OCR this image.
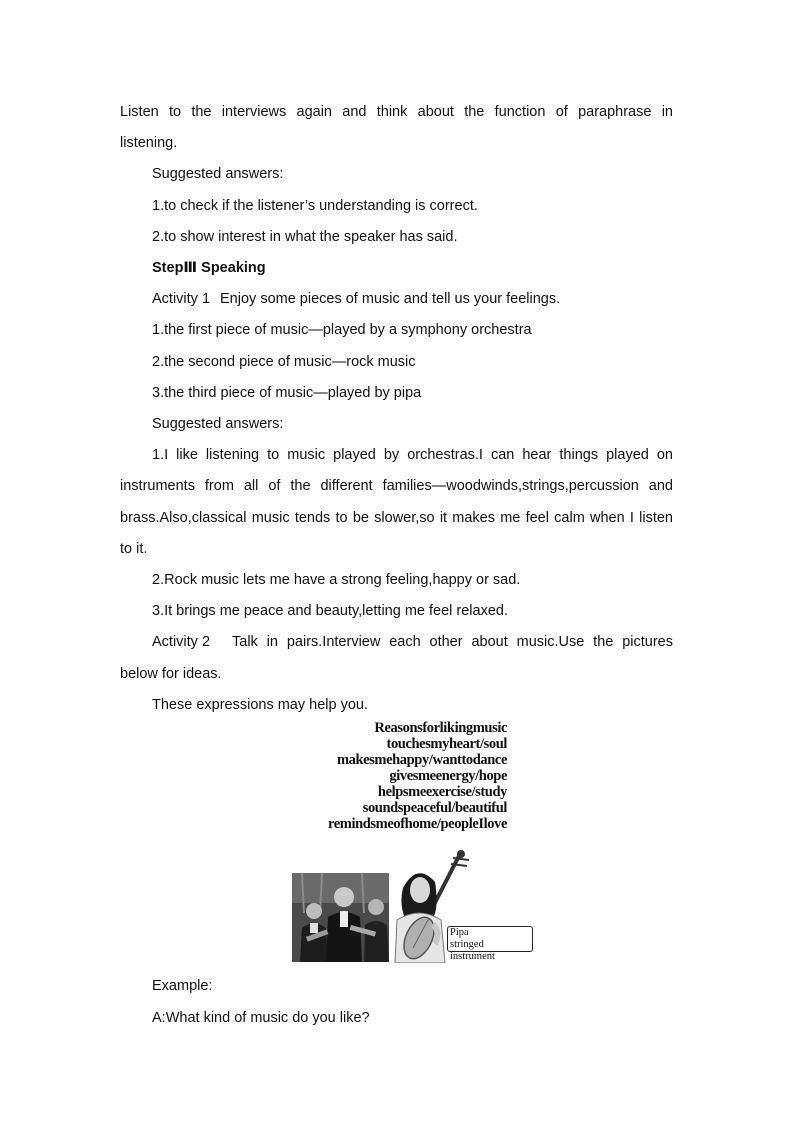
Listen to the interviews again and think about the function of paraphrase in
listening.
Suggested answers:
1.to check if the listener’s understanding is correct.
2.to show interest in what the speaker has said.
StepⅢ Speaking
Activity 1 Enjoy some pieces of music and tell us your feelings.
1.the first piece of music—played by a symphony orchestra
2.the second piece of music—rock music
3.the third piece of music—played by pipa
Suggested answers:
1.I like listening to music played by orchestras.I can hear things played on
instruments from all of the different families—woodwinds,strings,percussion and
brass.Also,classical music tends to be slower,so it makes me feel calm when I listen
to it.
2.Rock music lets me have a strong feeling,happy or sad.
3.It brings me peace and beauty,letting me feel relaxed.
Activity 2 Talk in pairs.Interview each other about music.Use the pictures
below for ideas.
These expressions may help you.
Reasonsforlikingmusic
touchesmyheart/soul
makesmehappy/wanttodance
givesmeenergy/hope
helpsmeexercise/study
soundspeaceful/beautiful
remindsmeofhome/peopleIlove
Pipa
stringed instrument
Example:
A:What kind of music do you like?
